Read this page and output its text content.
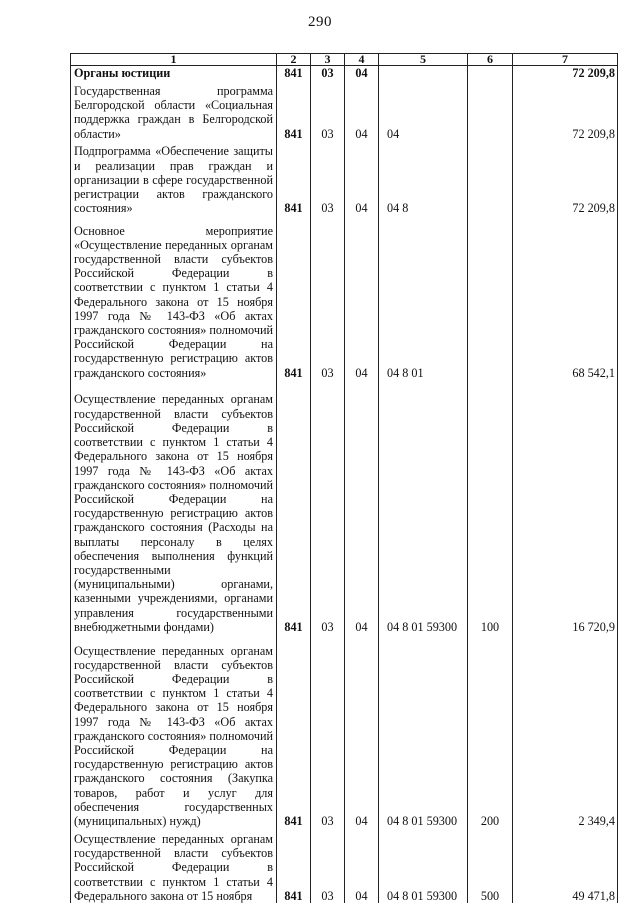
290
1	2	3	4	5	6	7
Органы юстиции	841	03	04			72 209,8
Государственная программа Белгородской области «Социальная поддержка граждан в Белгородской области»	841	03	04	04		72 209,8
Подпрограмма «Обеспечение защиты и реализации прав граждан и организации в сфере государственной регистрации актов гражданского состояния»	841	03	04	04 8		72 209,8
Основное мероприятие «Осуществление переданных органам государственной власти субъектов Российской Федерации в соответствии с пунктом 1 статьи 4 Федерального закона от 15 ноября 1997 года № 143-ФЗ «Об актах гражданского состояния» полномочий Российской Федерации на государственную регистрацию актов гражданского состояния»	841	03	04	04 8 01		68 542,1
Осуществление переданных органам государственной власти субъектов Российской Федерации в соответствии с пунктом 1 статьи 4 Федерального закона от 15 ноября 1997 года № 143-ФЗ «Об актах гражданского состояния» полномочий Российской Федерации на государственную регистрацию актов гражданского состояния (Расходы на выплаты персоналу в целях обеспечения выполнения функций государственными (муниципальными) органами, казенными учреждениями, органами управления государственными внебюджетными фондами)	841	03	04	04 8 01 59300	100	16 720,9
Осуществление переданных органам государственной власти субъектов Российской Федерации в соответствии с пунктом 1 статьи 4 Федерального закона от 15 ноября 1997 года № 143-ФЗ «Об актах гражданского состояния» полномочий Российской Федерации на государственную регистрацию актов гражданского состояния (Закупка товаров, работ и услуг для обеспечения государственных (муниципальных) нужд)	841	03	04	04 8 01 59300	200	2 349,4
Осуществление переданных органам государственной власти субъектов Российской Федерации в соответствии с пунктом 1 статьи 4 Федерального закона от 15 ноября	841	03	04	04 8 01 59300	500	49 471,8
